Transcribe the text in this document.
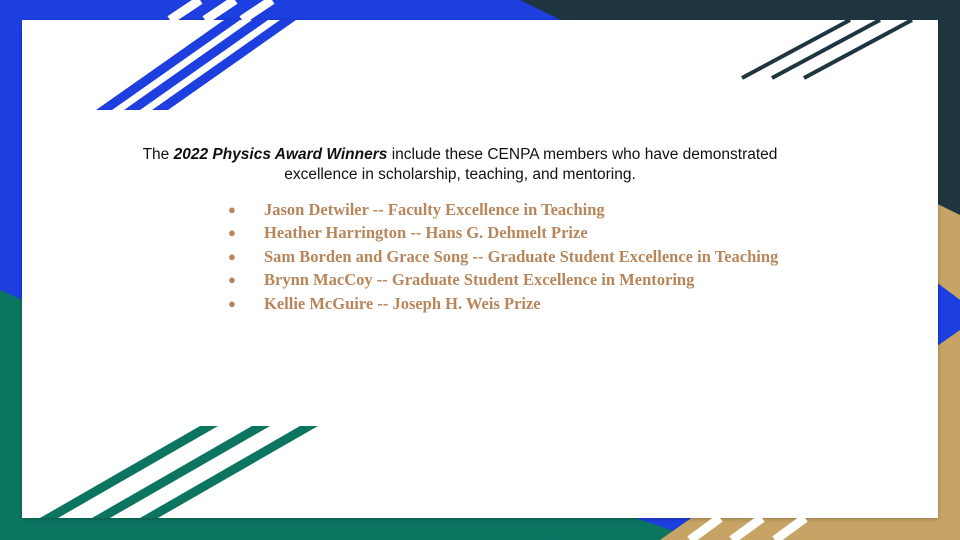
The 2022 Physics Award Winners include these CENPA members who have demonstrated
excellence in scholarship, teaching, and mentoring.
●	Jason Detwiler -- Faculty Excellence in Teaching
●	Heather Harrington -- Hans G. Dehmelt Prize
●	Sam Borden and Grace Song -- Graduate Student Excellence in Teaching
●	Brynn MacCoy -- Graduate Student Excellence in Mentoring
●	Kellie McGuire -- Joseph H. Weis Prize
